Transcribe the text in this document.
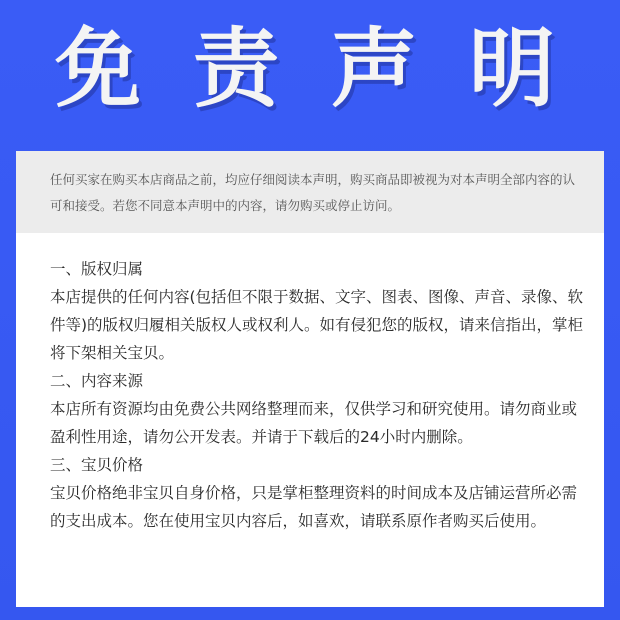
免责声明
任何买家在购买本店商品之前，均应仔细阅读本声明，购买商品即被视为对本声明全部内容的认可和接受。若您不同意本声明中的内容，请勿购买或停止访问。

一、版权归属

本店提供的任何内容(包括但不限于数据、文字、图表、图像、声音、录像、软件等)的版权归履相关版权人或权利人。如有侵犯您的版权，请来信指出，掌柜将下架相关宝贝。

二、内容来源

本店所有资源均由免费公共网络整理而来，仅供学习和研究使用。请勿商业或盈利性用途，请勿公开发表。并请于下载后的24小时内删除。

三、宝贝价格

宝贝价格绝非宝贝自身价格，只是掌柜整理资料的时间成本及店铺运营所必需的支出成本。您在使用宝贝内容后，如喜欢，请联系原作者购买后使用。
